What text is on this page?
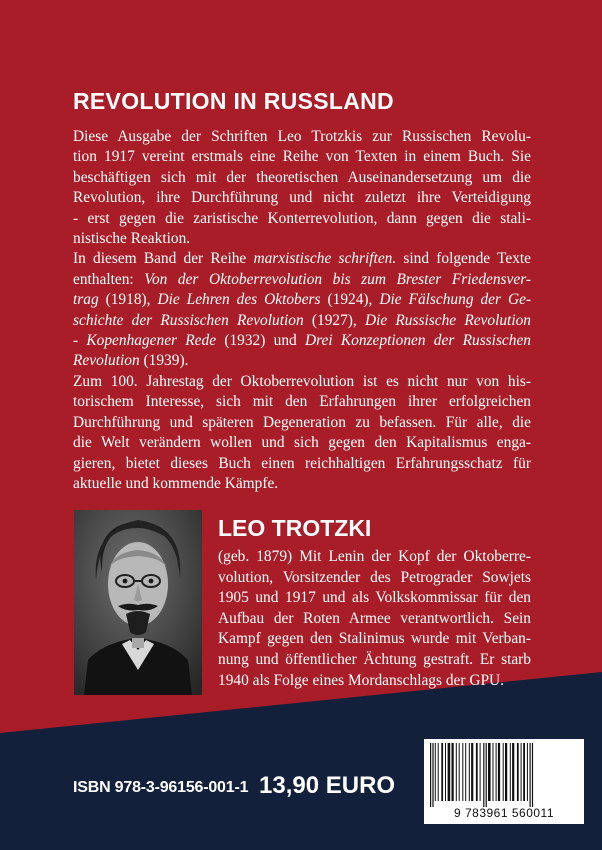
REVOLUTION IN RUSSLAND
Diese Ausgabe der Schriften Leo Trotzkis zur Russischen Revolu-
tion 1917 vereint erstmals eine Reihe von Texten in einem Buch. Sie
beschäftigen sich mit der theoretischen Auseinandersetzung um die
Revolution, ihre Durchführung und nicht zuletzt ihre Verteidigung
- erst gegen die zaristische Konterrevolution, dann gegen die stali-
nistische Reaktion.
In diesem Band der Reihe marxistische schriften. sind folgende Texte
enthalten: Von der Oktoberrevolution bis zum Brester Friedensver-
trag (1918), Die Lehren des Oktobers (1924), Die Fälschung der Ge-
schichte der Russischen Revolution (1927), Die Russische Revolution
- Kopenhagener Rede (1932) und Drei Konzeptionen der Russischen
Revolution (1939).
Zum 100. Jahrestag der Oktoberrevolution ist es nicht nur von his-
torischem Interesse, sich mit den Erfahrungen ihrer erfolgreichen
Durchführung und späteren Degeneration zu befassen. Für alle, die
die Welt verändern wollen und sich gegen den Kapitalismus enga-
gieren, bietet dieses Buch einen reichhaltigen Erfahrungsschatz für
aktuelle und kommende Kämpfe.
LEO TROTZKI
(geb. 1879) Mit Lenin der Kopf der Oktoberre-
volution, Vorsitzender des Petrograder Sowjets
1905 und 1917 und als Volkskommissar für den
Aufbau der Roten Armee verantwortlich. Sein
Kampf gegen den Stalinimus wurde mit Verban-
nung und öffentlicher Ächtung gestraft. Er starb
1940 als Folge eines Mordanschlags der GPU.
ISBN 978-3-96156-001-1 13,90 EURO
9 783961 560011
